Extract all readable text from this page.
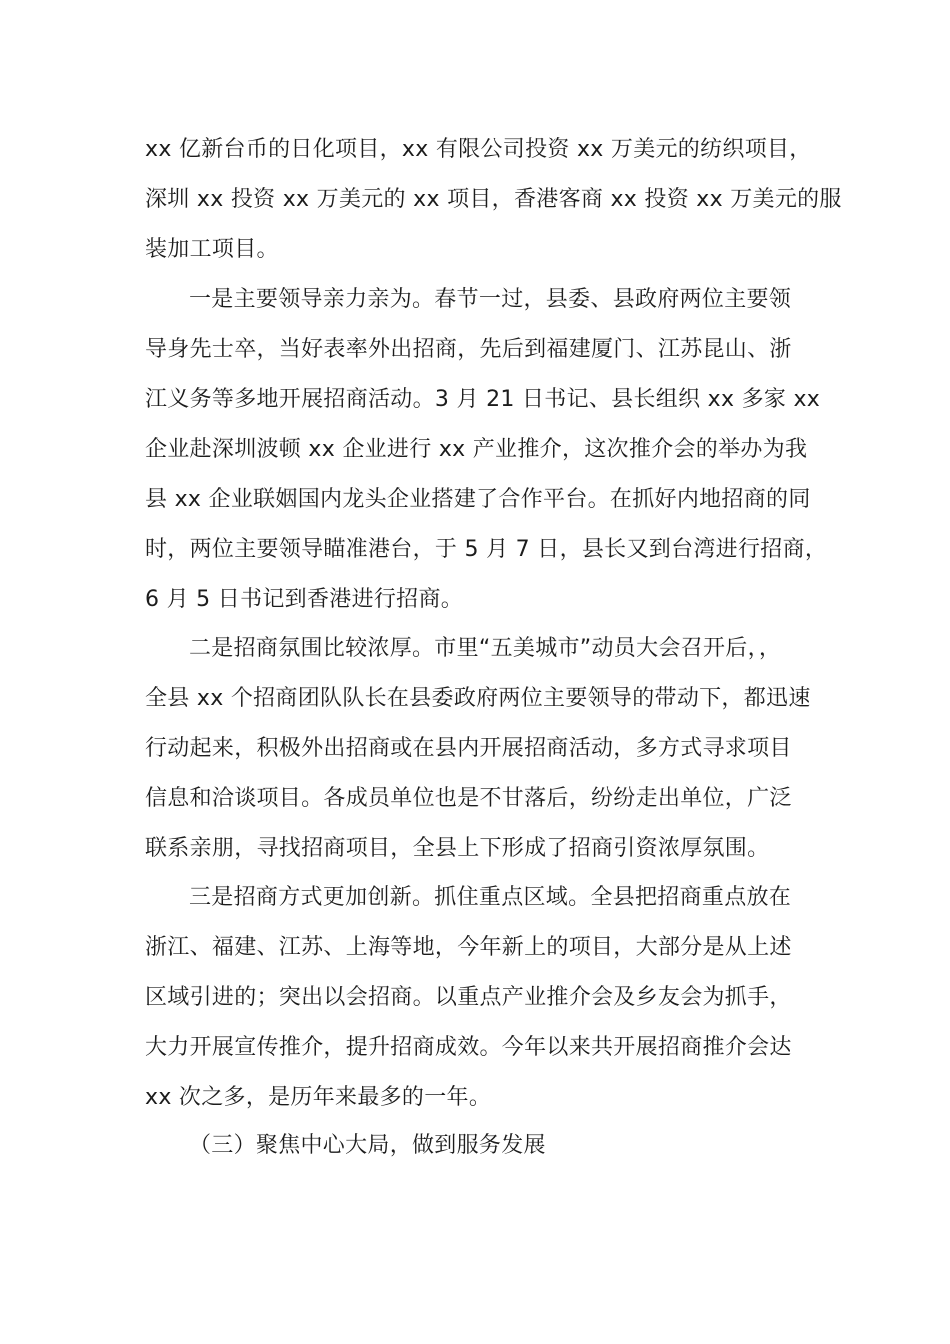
xx 亿新台币的日化项目，xx 有限公司投资 xx 万美元的纺织项目，
深圳 xx 投资 xx 万美元的 xx 项目，香港客商 xx 投资 xx 万美元的服
装加工项目。
一是主要领导亲力亲为。春节一过，县委、县政府两位主要领
导身先士卒，当好表率外出招商，先后到福建厦门、江苏昆山、浙
江义务等多地开展招商活动。3 月 21 日书记、县长组织 xx 多家 xx
企业赴深圳波顿 xx 企业进行 xx 产业推介，这次推介会的举办为我
县 xx 企业联姻国内龙头企业搭建了合作平台。在抓好内地招商的同
时，两位主要领导瞄准港台，于 5 月 7 日，县长又到台湾进行招商，
6 月 5 日书记到香港进行招商。
二是招商氛围比较浓厚。市里“五美城市”动员大会召开后，，
全县 xx 个招商团队队长在县委政府两位主要领导的带动下，都迅速
行动起来，积极外出招商或在县内开展招商活动，多方式寻求项目
信息和洽谈项目。各成员单位也是不甘落后，纷纷走出单位，广泛
联系亲朋，寻找招商项目，全县上下形成了招商引资浓厚氛围。
三是招商方式更加创新。抓住重点区域。全县把招商重点放在
浙江、福建、江苏、上海等地，今年新上的项目，大部分是从上述
区域引进的；突出以会招商。以重点产业推介会及乡友会为抓手，
大力开展宣传推介，提升招商成效。今年以来共开展招商推介会达
xx 次之多，是历年来最多的一年。
（三）聚焦中心大局，做到服务发展
